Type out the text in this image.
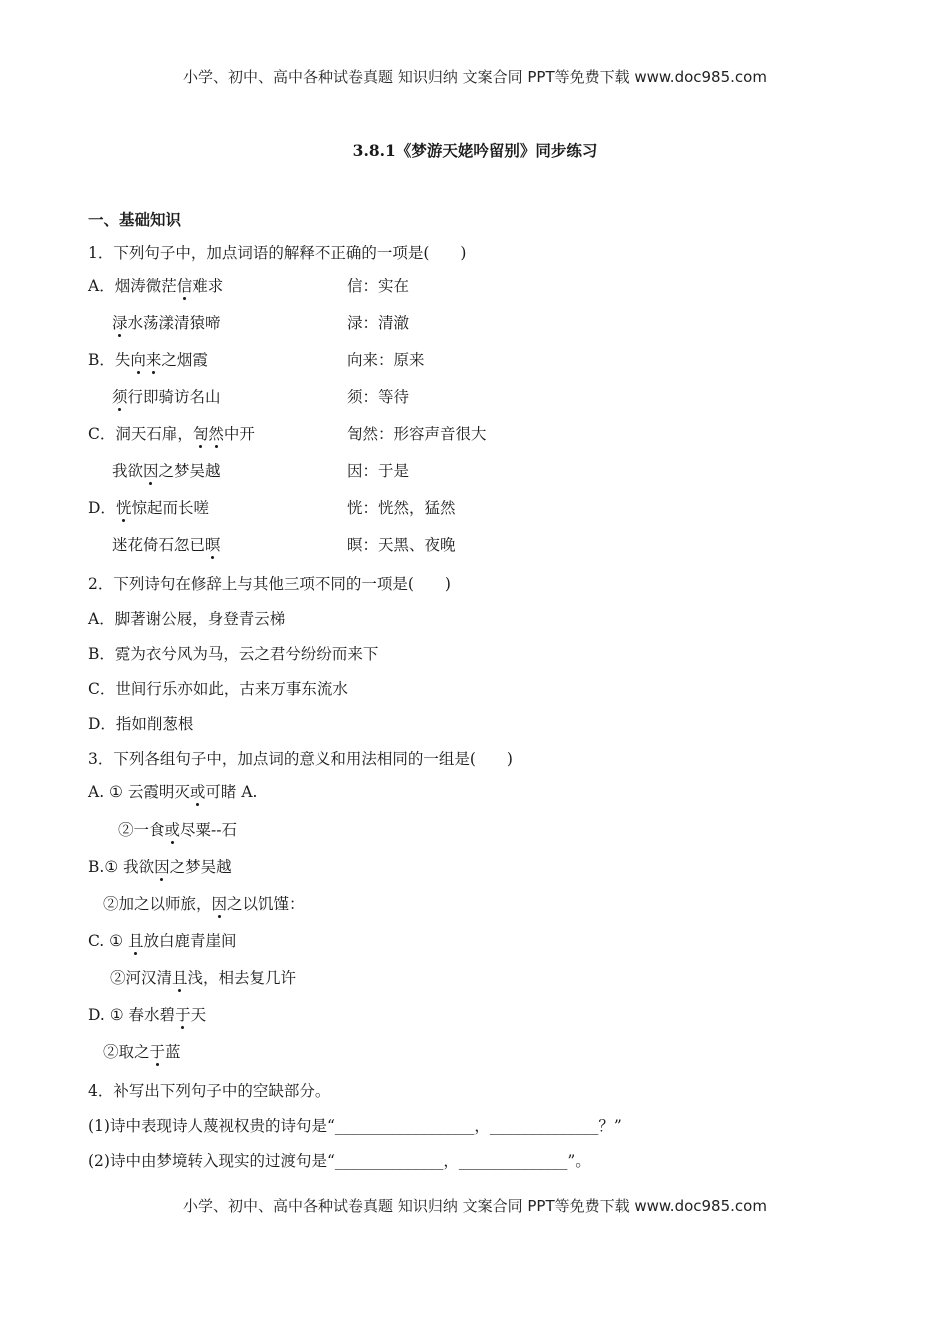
小学、初中、高中各种试卷真题 知识归纳 文案合同 PPT等免费下载 www.doc985.com
3.8.1《梦游天姥吟留别》同步练习
一、基础知识
1．下列句子中，加点词语的解释不正确的一项是(　　)
A．烟涛微茫信难求	信：实在
渌水荡漾清猿啼	渌：清澈
B．失向来之烟霞	向来：原来
须行即骑访名山	须：等待
C．洞天石扉，訇然中开	訇然：形容声音很大
我欲因之梦吴越	因：于是
D．恍惊起而长嗟	恍：恍然，猛然
迷花倚石忽已暝	暝：天黑、夜晚
2．下列诗句在修辞上与其他三项不同的一项是(　　)
A．脚著谢公屐，身登青云梯
B．霓为衣兮风为马，云之君兮纷纷而来下
C．世间行乐亦如此，古来万事东流水
D．指如削葱根
3．下列各组句子中，加点词的意义和用法相同的一组是(　　)
A. ① 云霞明灭或可睹 A.
②一食或尽粟--石
B.① 我欲因之梦吴越
②加之以师旅，因之以饥馑：
C. ① 且放白鹿青崖间
②河汉清且浅，相去复几许
D. ① 春水碧于天
②取之于蓝
4．补写出下列句子中的空缺部分。
(1)诗中表现诗人蔑视权贵的诗句是“__________________，______________？”
(2)诗中由梦境转入现实的过渡句是“______________，______________”。
小学、初中、高中各种试卷真题 知识归纳 文案合同 PPT等免费下载 www.doc985.com
